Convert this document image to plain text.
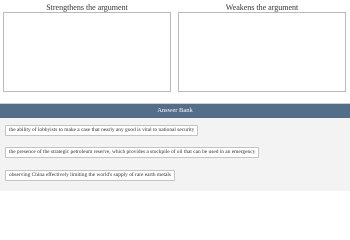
Strengthens the argument	Weakens the argument
Answer Bank
the ability of lobbyists to make a case that nearly any good is vital to national security
the presence of the strategic petroleum reserve, which provides a stockpile of oil that can be used in an emergency
observing China effectively limiting the world's supply of rare earth metals
